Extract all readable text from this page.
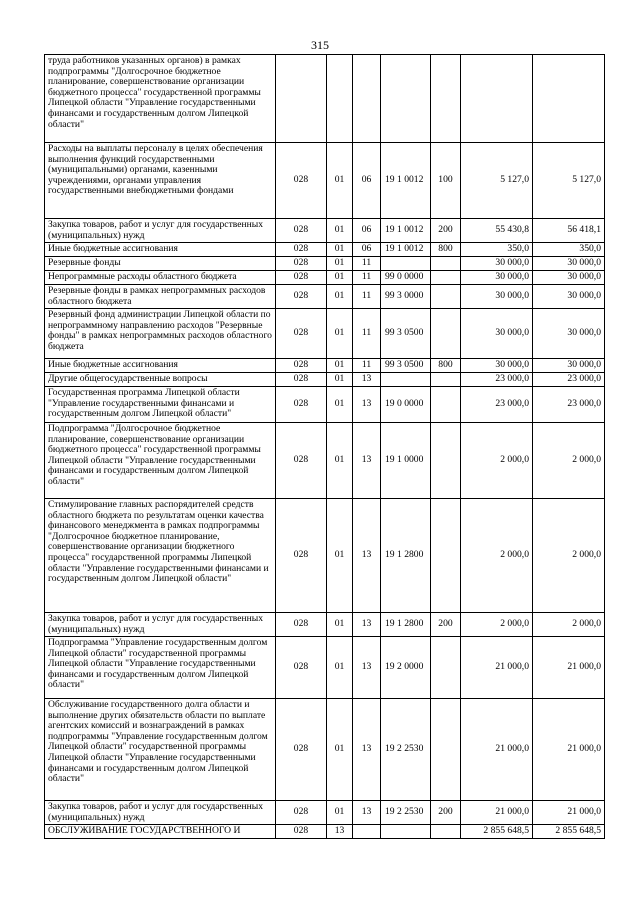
315
труда работников указанных органов) в рамках подпрограммы "Долгосрочное бюджетное планирование, совершенствование организации бюджетного процесса" государственной программы Липецкой области "Управление государственными финансами и государственным долгом Липецкой области"							
Расходы на выплаты персоналу в целях обеспечения выполнения функций государственными (муниципальными) органами, казенными учреждениями, органами управления государственными внебюджетными фондами	028	01	06	19 1 0012	100	5 127,0	5 127,0
Закупка товаров, работ и услуг для государственных (муниципальных) нужд	028	01	06	19 1 0012	200	55 430,8	56 418,1
Иные бюджетные ассигнования	028	01	06	19 1 0012	800	350,0	350,0
Резервные фонды	028	01	11			30 000,0	30 000,0
Непрограммные расходы областного бюджета	028	01	11	99 0 0000		30 000,0	30 000,0
Резервные фонды в рамках непрограммных расходов областного бюджета	028	01	11	99 3 0000		30 000,0	30 000,0
Резервный фонд администрации Липецкой области по непрограммному направлению расходов "Резервные фонды" в рамках непрограммных расходов областного бюджета	028	01	11	99 3 0500		30 000,0	30 000,0
Иные бюджетные ассигнования	028	01	11	99 3 0500	800	30 000,0	30 000,0
Другие общегосударственные вопросы	028	01	13			23 000,0	23 000,0
Государственная программа Липецкой области "Управление государственными финансами и государственным долгом Липецкой области"	028	01	13	19 0 0000		23 000,0	23 000,0
Подпрограмма "Долгосрочное бюджетное планирование, совершенствование организации бюджетного процесса" государственной программы Липецкой области "Управление государственными финансами и государственным долгом Липецкой области"	028	01	13	19 1 0000		2 000,0	2 000,0
Стимулирование главных распорядителей средств областного бюджета по результатам оценки качества финансового менеджмента в рамках подпрограммы "Долгосрочное бюджетное планирование, совершенствование организации бюджетного процесса" государственной программы Липецкой области "Управление государственными финансами и государственным долгом Липецкой области"	028	01	13	19 1 2800		2 000,0	2 000,0
Закупка товаров, работ и услуг для государственных (муниципальных) нужд	028	01	13	19 1 2800	200	2 000,0	2 000,0
Подпрограмма "Управление государственным долгом Липецкой области" государственной программы Липецкой области "Управление государственными финансами и государственным долгом Липецкой области"	028	01	13	19 2 0000		21 000,0	21 000,0
Обслуживание государственного долга области и выполнение других обязательств области по выплате агентских комиссий и вознаграждений в рамках подпрограммы "Управление государственным долгом Липецкой области" государственной программы Липецкой области "Управление государственными финансами и государственным долгом Липецкой области"	028	01	13	19 2 2530		21 000,0	21 000,0
Закупка товаров, работ и услуг для государственных (муниципальных) нужд	028	01	13	19 2 2530	200	21 000,0	21 000,0
ОБСЛУЖИВАНИЕ ГОСУДАРСТВЕННОГО И	028	13				2 855 648,5	2 855 648,5
